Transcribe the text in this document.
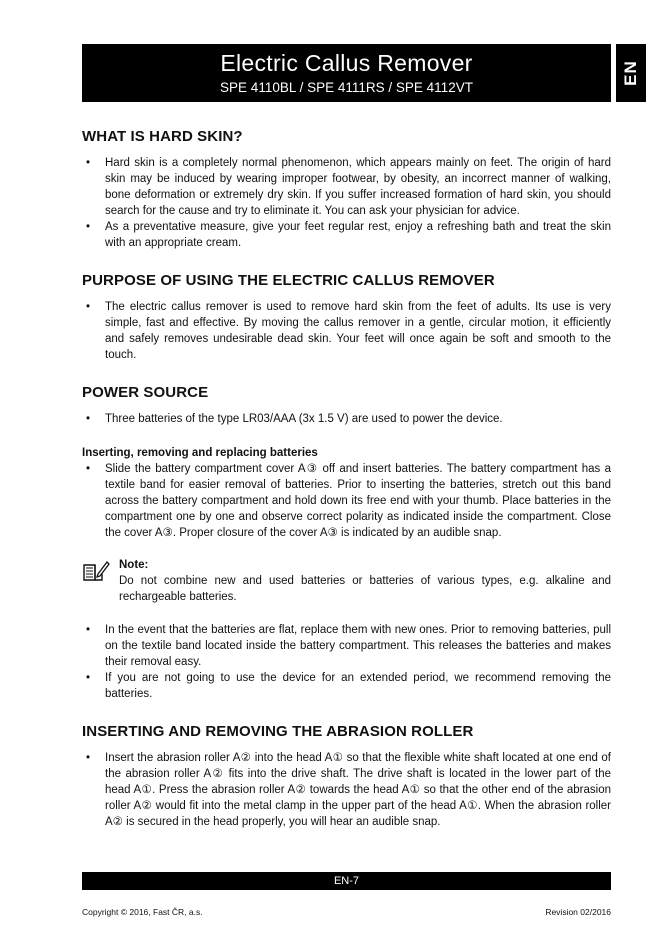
Electric Callus Remover
SPE 4110BL / SPE 4111RS / SPE 4112VT
EN
WHAT IS HARD SKIN?
• Hard skin is a completely normal phenomenon, which appears mainly on feet. The origin of hard skin may be induced by wearing improper footwear, by obesity, an incorrect manner of walking, bone deformation or extremely dry skin. If you suffer increased formation of hard skin, you should search for the cause and try to eliminate it. You can ask your physician for advice.
• As a preventative measure, give your feet regular rest, enjoy a refreshing bath and treat the skin with an appropriate cream.
PURPOSE OF USING THE ELECTRIC CALLUS REMOVER
• The electric callus remover is used to remove hard skin from the feet of adults. Its use is very simple, fast and effective. By moving the callus remover in a gentle, circular motion, it efficiently and safely removes undesirable dead skin. Your feet will once again be soft and smooth to the touch.
POWER SOURCE
• Three batteries of the type LR03/AAA (3x 1.5 V) are used to power the device.
Inserting, removing and replacing batteries
• Slide the battery compartment cover A③ off and insert batteries. The battery compartment has a textile band for easier removal of batteries. Prior to inserting the batteries, stretch out this band across the battery compartment and hold down its free end with your thumb. Place batteries in the compartment one by one and observe correct polarity as indicated inside the compartment. Close the cover A③. Proper closure of the cover A③ is indicated by an audible snap.
Note:
Do not combine new and used batteries or batteries of various types, e.g. alkaline and rechargeable batteries.
• In the event that the batteries are flat, replace them with new ones. Prior to removing batteries, pull on the textile band located inside the battery compartment. This releases the batteries and makes their removal easy.
• If you are not going to use the device for an extended period, we recommend removing the batteries.
INSERTING AND REMOVING THE ABRASION ROLLER
• Insert the abrasion roller A② into the head A① so that the flexible white shaft located at one end of the abrasion roller A② fits into the drive shaft. The drive shaft is located in the lower part of the head A①. Press the abrasion roller A② towards the head A① so that the other end of the abrasion roller A② would fit into the metal clamp in the upper part of the head A①. When the abrasion roller A② is secured in the head properly, you will hear an audible snap.
EN-7
Copyright © 2016, Fast ČR, a.s.	Revision 02/2016
